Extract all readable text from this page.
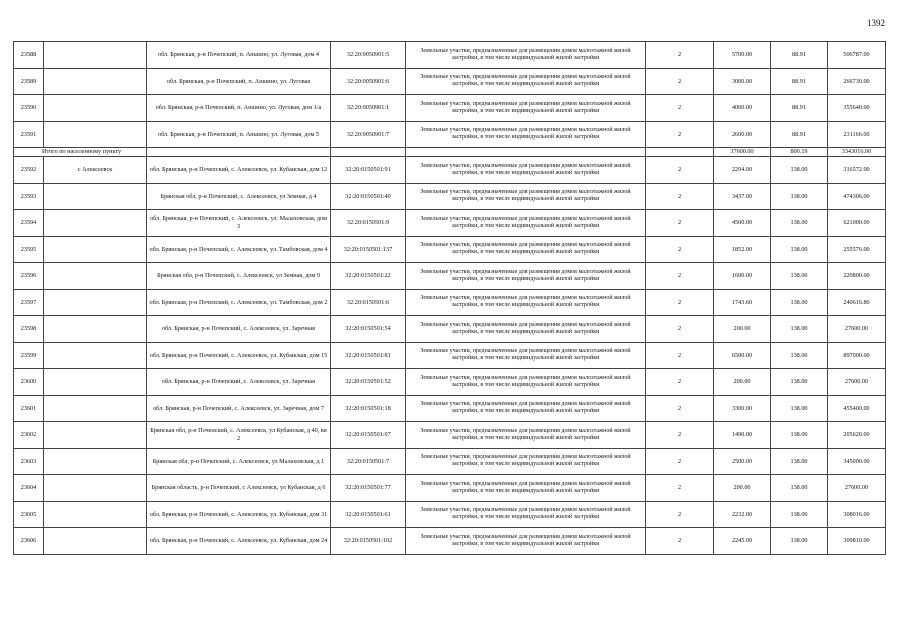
1392
23588		обл. Брянская, р-н Почепский, п. Аншино, ул. Луговая, дом 4	32:20:0050901:5	Земельные участки, предназначенные для размещения домов малоэтажной жилой застройки, в том числе индивидуальной жилой застройки	2	5700.00	88.91	506787.00
23589		обл. Брянская, р-н Почепский, п. Аншино, ул. Луговая	32:20:0050901:6	Земельные участки, предназначенные для размещения домов малоэтажной жилой застройки, в том числе индивидуальной жилой застройки	2	3000.00	88.91	266730.00
23590		обл. Брянская, р-н Почепский, п. Аншино, ул. Луговая, дом 1/а	32:20:0050901:1	Земельные участки, предназначенные для размещения домов малоэтажной жилой застройки, в том числе индивидуальной жилой застройки	2	4000.00	88.91	355640.00
23591		обл. Брянская, р-н Почепский, п. Аншино, ул. Луговая, дом 5	32:20:0050901:7	Земельные участки, предназначенные для размещения домов малоэтажной жилой застройки, в том числе индивидуальной жилой застройки	2	2600.00	88.91	231166.00
Итого по населенному пункту						37600.00	800.19	3343016.00
23592	с Алексеевск	обл. Брянская, р-н Почепский, с. Алексеевск, ул. Кубанская, дом 12	32:20:0150501:91	Земельные участки, предназначенные для размещения домов малоэтажной жилой застройки, в том числе индивидуальной жилой застройки	2	2294.00	138.00	316572.00
23593		Брянская обл, р-н Почепский, с. Алексеевск, ул Земная, д 4	32:20:0150501:40	Земельные участки, предназначенные для размещения домов малоэтажной жилой застройки, в том числе индивидуальной жилой застройки	2	3437.00	138.00	474306.00
23594		обл. Брянская, р-н Почепский, с. Алексеевск, ул. Малаховская, дом 3	32:20:0150501:9	Земельные участки, предназначенные для размещения домов малоэтажной жилой застройки, в том числе индивидуальной жилой застройки	2	4500.00	138.00	621000.00
23595		обл. Брянская, р-н Почепский, с. Алексеевск, ул. Тамбовская, дом 4	32:20:0150501:137	Земельные участки, предназначенные для размещения домов малоэтажной жилой застройки, в том числе индивидуальной жилой застройки	2	1852.00	138.00	255576.00
23596		Брянская обл, р-н Почепский, с. Алексеевск, ул Земная, дом 9	32:20:0150501:22	Земельные участки, предназначенные для размещения домов малоэтажной жилой застройки, в том числе индивидуальной жилой застройки	2	1600.00	138.00	220800.00
23597		обл. Брянская, р-н Почепский, с. Алексеевск, ул. Тамбовская, дом 2	32:20:0150501:6	Земельные участки, предназначенные для размещения домов малоэтажной жилой застройки, в том числе индивидуальной жилой застройки	2	1743.60	138.00	240616.80
23598		обл. Брянская, р-н Почепский, с. Алексеевск, ул. Заречная	32:20:0150501:54	Земельные участки, предназначенные для размещения домов малоэтажной жилой застройки, в том числе индивидуальной жилой застройки	2	200.00	138.00	27600.00
23599		обл. Брянская, р-н Почепский, с. Алексеевск, ул. Кубанская, дом 15	32:20:0150501:81	Земельные участки, предназначенные для размещения домов малоэтажной жилой застройки, в том числе индивидуальной жилой застройки	2	6500.00	138.00	897000.00
23600		обл. Брянская, р-н Почепский, с. Алексеевск, ул. Заречная	32:20:0150501:52	Земельные участки, предназначенные для размещения домов малоэтажной жилой застройки, в том числе индивидуальной жилой застройки	2	200.00	138.00	27600.00
23601		обл. Брянская, р-н Почепский, с. Алексеевск, ул. Заречная, дом 7	32:20:0150501:18	Земельные участки, предназначенные для размещения домов малоэтажной жилой застройки, в том числе индивидуальной жилой застройки	2	3300.00	138.00	455400.00
23602		Брянская обл, р-н Почепский, с. Алексеевск, ул Кубанская, д 40, кв 2	32:20:0150501:97	Земельные участки, предназначенные для размещения домов малоэтажной жилой застройки, в том числе индивидуальной жилой застройки	2	1490.00	138.00	205620.00
23603		Брянская обл, р-н Почепский, с. Алексеевск, ул Малаховская, д 1	32:20:0150501:7	Земельные участки, предназначенные для размещения домов малоэтажной жилой застройки, в том числе индивидуальной жилой застройки	2	2500.00	138.00	345000.00
23604		Брянская область, р-н Почепский, с Алексеевск, ул Кубанская, д 6	32:20:0150501:77	Земельные участки, предназначенные для размещения домов малоэтажной жилой застройки, в том числе индивидуальной жилой застройки	2	200.00	138.00	27600.00
23605		обл. Брянская, р-н Почепский, с. Алексеевск, ул. Кубанская, дом 31	32:20:0150501:61	Земельные участки, предназначенные для размещения домов малоэтажной жилой застройки, в том числе индивидуальной жилой застройки	2	2232.00	138.00	308016.00
23606		обл. Брянская, р-н Почепский, с. Алексеевск, ул. Кубанская, дом 24	32:20:0150501:102	Земельные участки, предназначенные для размещения домов малоэтажной жилой застройки, в том числе индивидуальной жилой застройки	2	2245.00	138.00	309810.00
